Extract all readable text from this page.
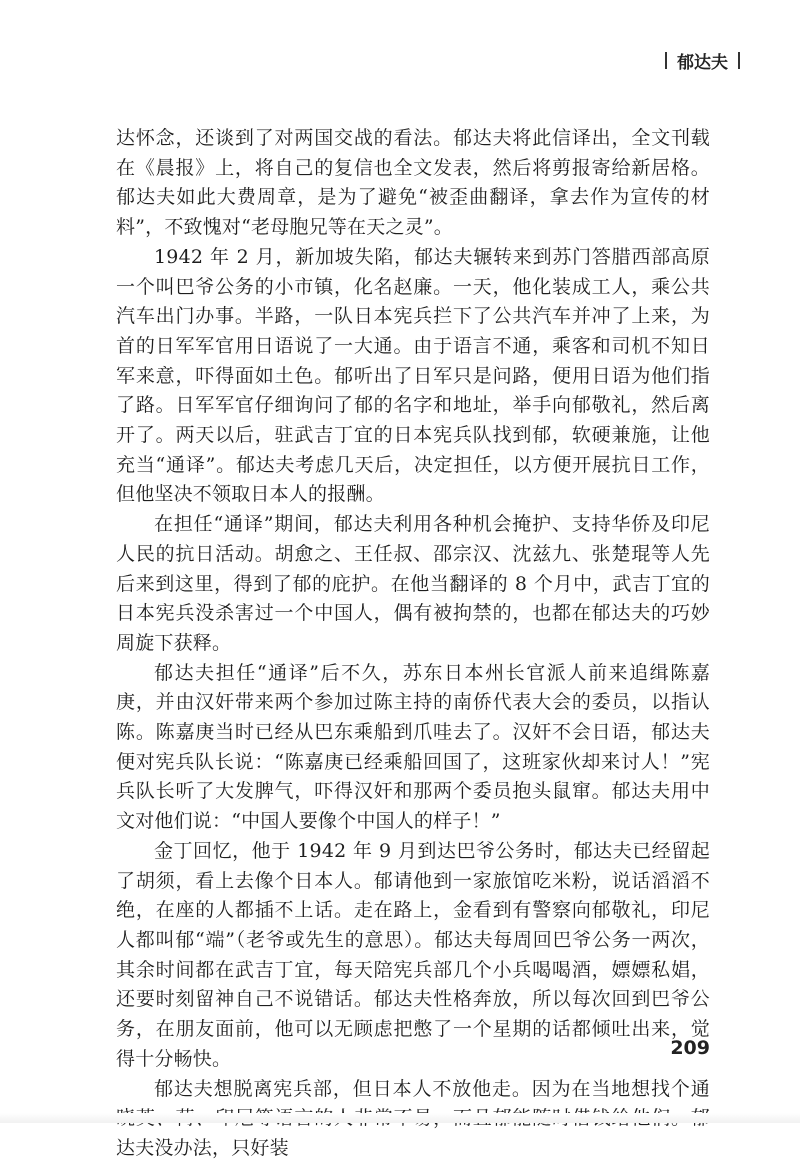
郁达夫

达怀念，还谈到了对两国交战的看法。郁达夫将此信译出，全文刊载在《晨报》上，将自己的复信也全文发表，然后将剪报寄给新居格。郁达夫如此大费周章，是为了避免“被歪曲翻译，拿去作为宣传的材料”，不致愧对“老母胞兄等在天之灵”。

1942 年 2 月，新加坡失陷，郁达夫辗转来到苏门答腊西部高原一个叫巴爷公务的小市镇，化名赵廉。一天，他化装成工人，乘公共汽车出门办事。半路，一队日本宪兵拦下了公共汽车并冲了上来，为首的日军军官用日语说了一大通。由于语言不通，乘客和司机不知日军来意，吓得面如土色。郁听出了日军只是问路，便用日语为他们指了路。日军军官仔细询问了郁的名字和地址，举手向郁敬礼，然后离开了。两天以后，驻武吉丁宜的日本宪兵队找到郁，软硬兼施，让他充当“通译”。郁达夫考虑几天后，决定担任，以方便开展抗日工作，但他坚决不领取日本人的报酬。

在担任“通译”期间，郁达夫利用各种机会掩护、支持华侨及印尼人民的抗日活动。胡愈之、王任叔、邵宗汉、沈兹九、张楚琨等人先后来到这里，得到了郁的庇护。在他当翻译的 8 个月中，武吉丁宜的日本宪兵没杀害过一个中国人，偶有被拘禁的，也都在郁达夫的巧妙周旋下获释。

郁达夫担任“通译”后不久，苏东日本州长官派人前来追缉陈嘉庚，并由汉奸带来两个参加过陈主持的南侨代表大会的委员，以指认陈。陈嘉庚当时已经从巴东乘船到爪哇去了。汉奸不会日语，郁达夫便对宪兵队长说：“陈嘉庚已经乘船回国了，这班家伙却来讨人！”宪兵队长听了大发脾气，吓得汉奸和那两个委员抱头鼠窜。郁达夫用中文对他们说：“中国人要像个中国人的样子！”

金丁回忆，他于 1942 年 9 月到达巴爷公务时，郁达夫已经留起了胡须，看上去像个日本人。郁请他到一家旅馆吃米粉，说话滔滔不绝，在座的人都插不上话。走在路上，金看到有警察向郁敬礼，印尼人都叫郁“端”（老爷或先生的意思）。郁达夫每周回巴爷公务一两次，其余时间都在武吉丁宜，每天陪宪兵部几个小兵喝喝酒，嫖嫖私娼，还要时刻留神自己不说错话。郁达夫性格奔放，所以每次回到巴爷公务，在朋友面前，他可以无顾虑把憋了一个星期的话都倾吐出来，觉得十分畅快。

郁达夫想脱离宪兵部，但日本人不放他走。因为在当地想找个通 达夫没办法，只好装

209
